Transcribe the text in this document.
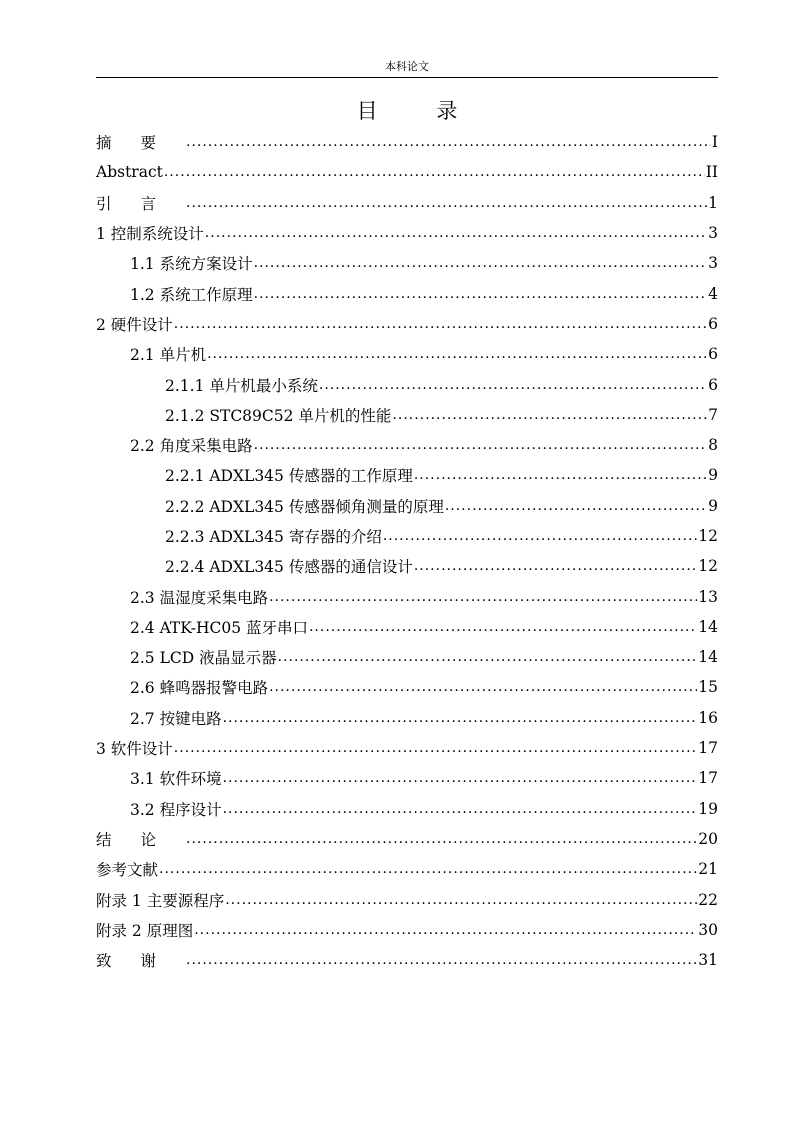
本科论文
目 录
摘要 .....	I
Abstract .....	II
引言 .....	1
1 控制系统设计 .....	3
1.1 系统方案设计 .....	3
1.2 系统工作原理 .....	4
2 硬件设计 .....	6
2.1 单片机 .....	6
2.1.1 单片机最小系统 .....	6
2.1.2 STC89C52 单片机的性能 .....	7
2.2 角度采集电路 .....	8
2.2.1 ADXL345 传感器的工作原理 .....	9
2.2.2 ADXL345 传感器倾角测量的原理 .....	9
2.2.3 ADXL345 寄存器的介绍 .....	12
2.2.4 ADXL345 传感器的通信设计 .....	12
2.3 温湿度采集电路 .....	13
2.4 ATK-HC05 蓝牙串口 .....	14
2.5 LCD 液晶显示器 .....	14
2.6 蜂鸣器报警电路 .....	15
2.7 按键电路 .....	16
3 软件设计 .....	17
3.1 软件环境 .....	17
3.2 程序设计 .....	19
结论 .....	20
参考文献 .....	21
附录 1 主要源程序 .....	22
附录 2 原理图 .....	30
致谢 .....	31
